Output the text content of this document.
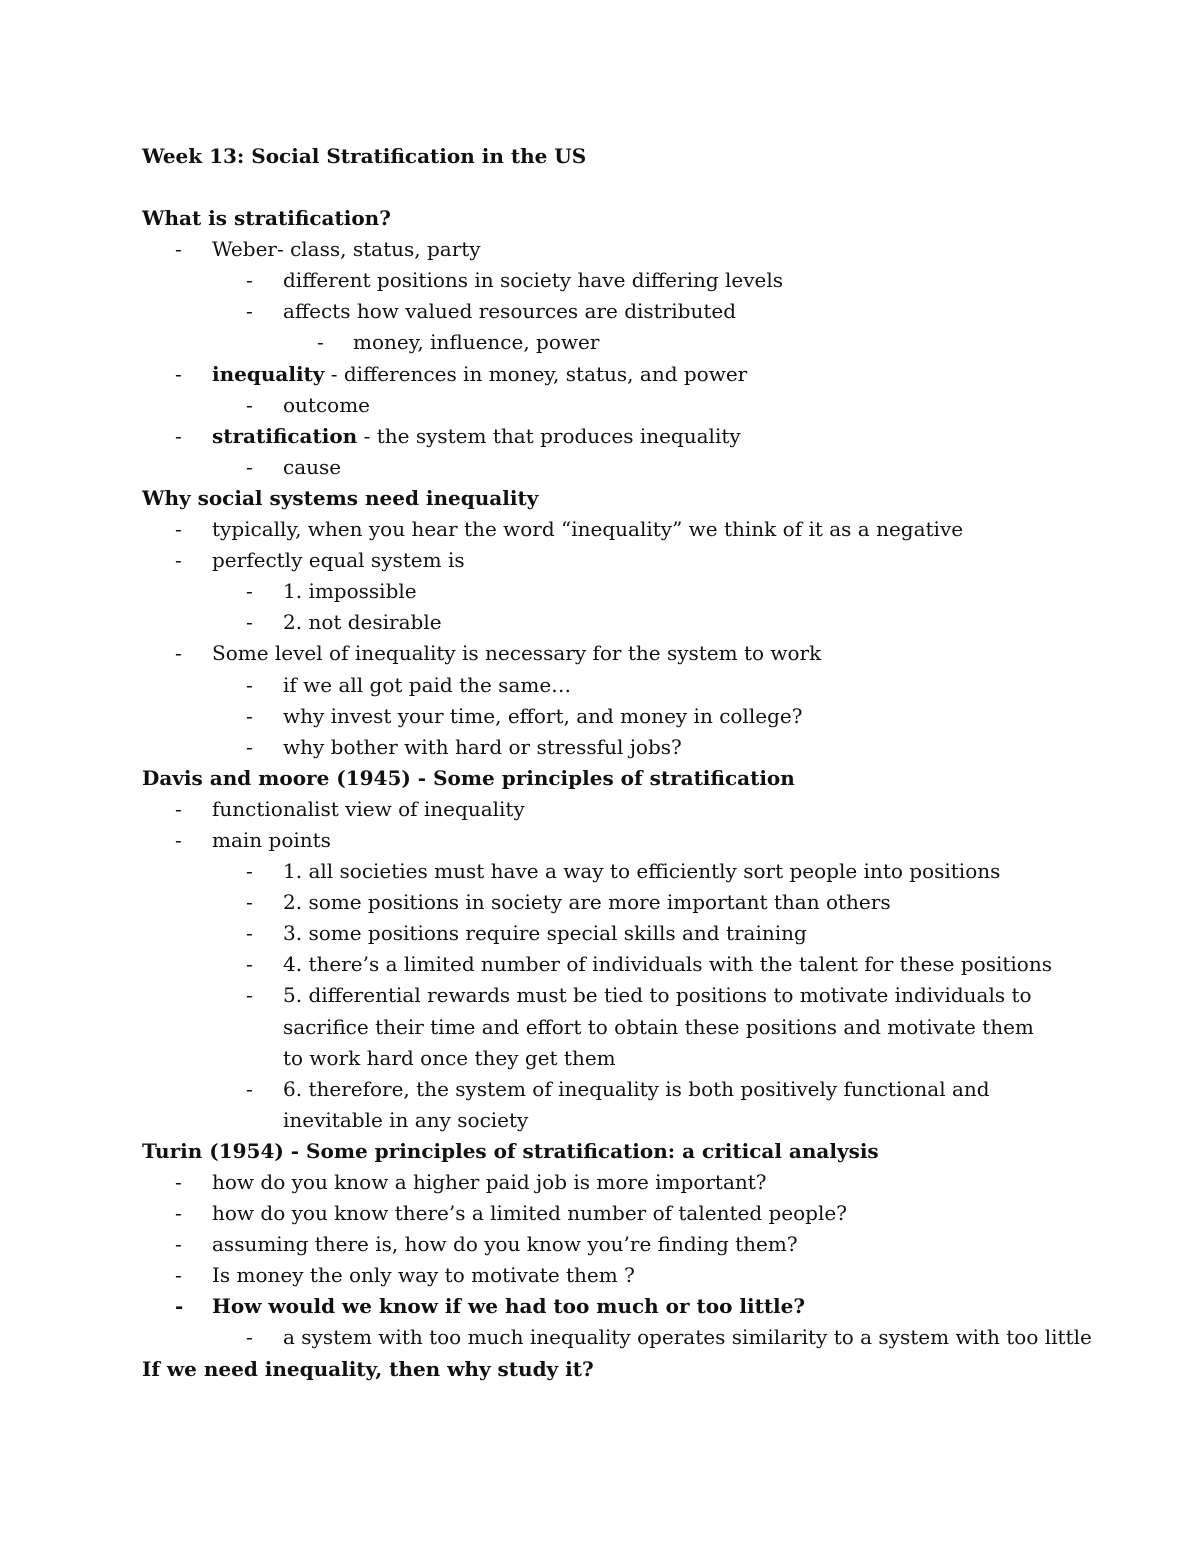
Week 13: Social Stratification in the US
What is stratification?
-	Weber- class, status, party
-	different positions in society have differing levels
-	affects how valued resources are distributed
-	money, influence, power
-	inequality - differences in money, status, and power
-	outcome
-	stratification - the system that produces inequality
-	cause
Why social systems need inequality
-	typically, when you hear the word “inequality” we think of it as a negative
-	perfectly equal system is
-	1. impossible
-	2. not desirable
-	Some level of inequality is necessary for the system to work
-	if we all got paid the same…
-	why invest your time, effort, and money in college?
-	why bother with hard or stressful jobs?
Davis and moore (1945) - Some principles of stratification
-	functionalist view of inequality
-	main points
-	1. all societies must have a way to efficiently sort people into positions
-	2. some positions in society are more important than others
-	3. some positions require special skills and training
-	4. there’s a limited number of individuals with the talent for these positions
-	5. differential rewards must be tied to positions to motivate individuals to sacrifice their time and effort to obtain these positions and motivate them to work hard once they get them
-	6. therefore, the system of inequality is both positively functional and inevitable in any society
Turin (1954) - Some principles of stratification: a critical analysis
-	how do you know a higher paid job is more important?
-	how do you know there’s a limited number of talented people?
-	assuming there is, how do you know you’re finding them?
-	Is money the only way to motivate them ?
-	How would we know if we had too much or too little?
-	a system with too much inequality operates similarity to a system with too little
If we need inequality, then why study it?
